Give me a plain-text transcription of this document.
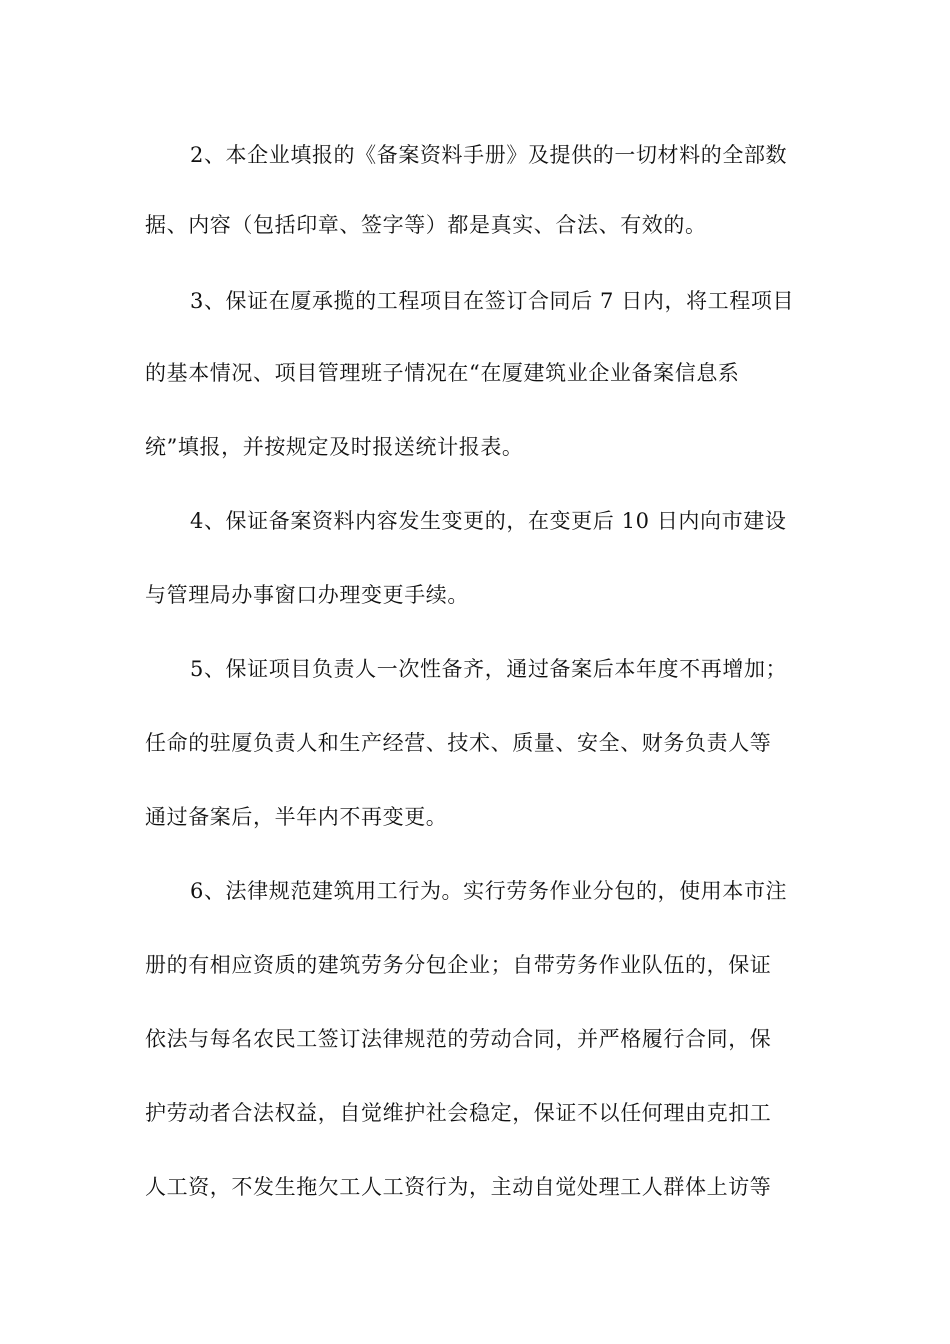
2、本企业填报的《备案资料手册》及提供的一切材料的全部数
据、内容（包括印章、签字等）都是真实、合法、有效的。
3、保证在厦承揽的工程项目在签订合同后 7 日内，将工程项目
的基本情况、项目管理班子情况在“在厦建筑业企业备案信息系
统”填报，并按规定及时报送统计报表。
4、保证备案资料内容发生变更的，在变更后 10 日内向市建设
与管理局办事窗口办理变更手续。
5、保证项目负责人一次性备齐，通过备案后本年度不再增加；
任命的驻厦负责人和生产经营、技术、质量、安全、财务负责人等
通过备案后，半年内不再变更。
6、法律规范建筑用工行为。实行劳务作业分包的，使用本市注
册的有相应资质的建筑劳务分包企业；自带劳务作业队伍的，保证
依法与每名农民工签订法律规范的劳动合同，并严格履行合同，保
护劳动者合法权益，自觉维护社会稳定，保证不以任何理由克扣工
人工资，不发生拖欠工人工资行为，主动自觉处理工人群体上访等
